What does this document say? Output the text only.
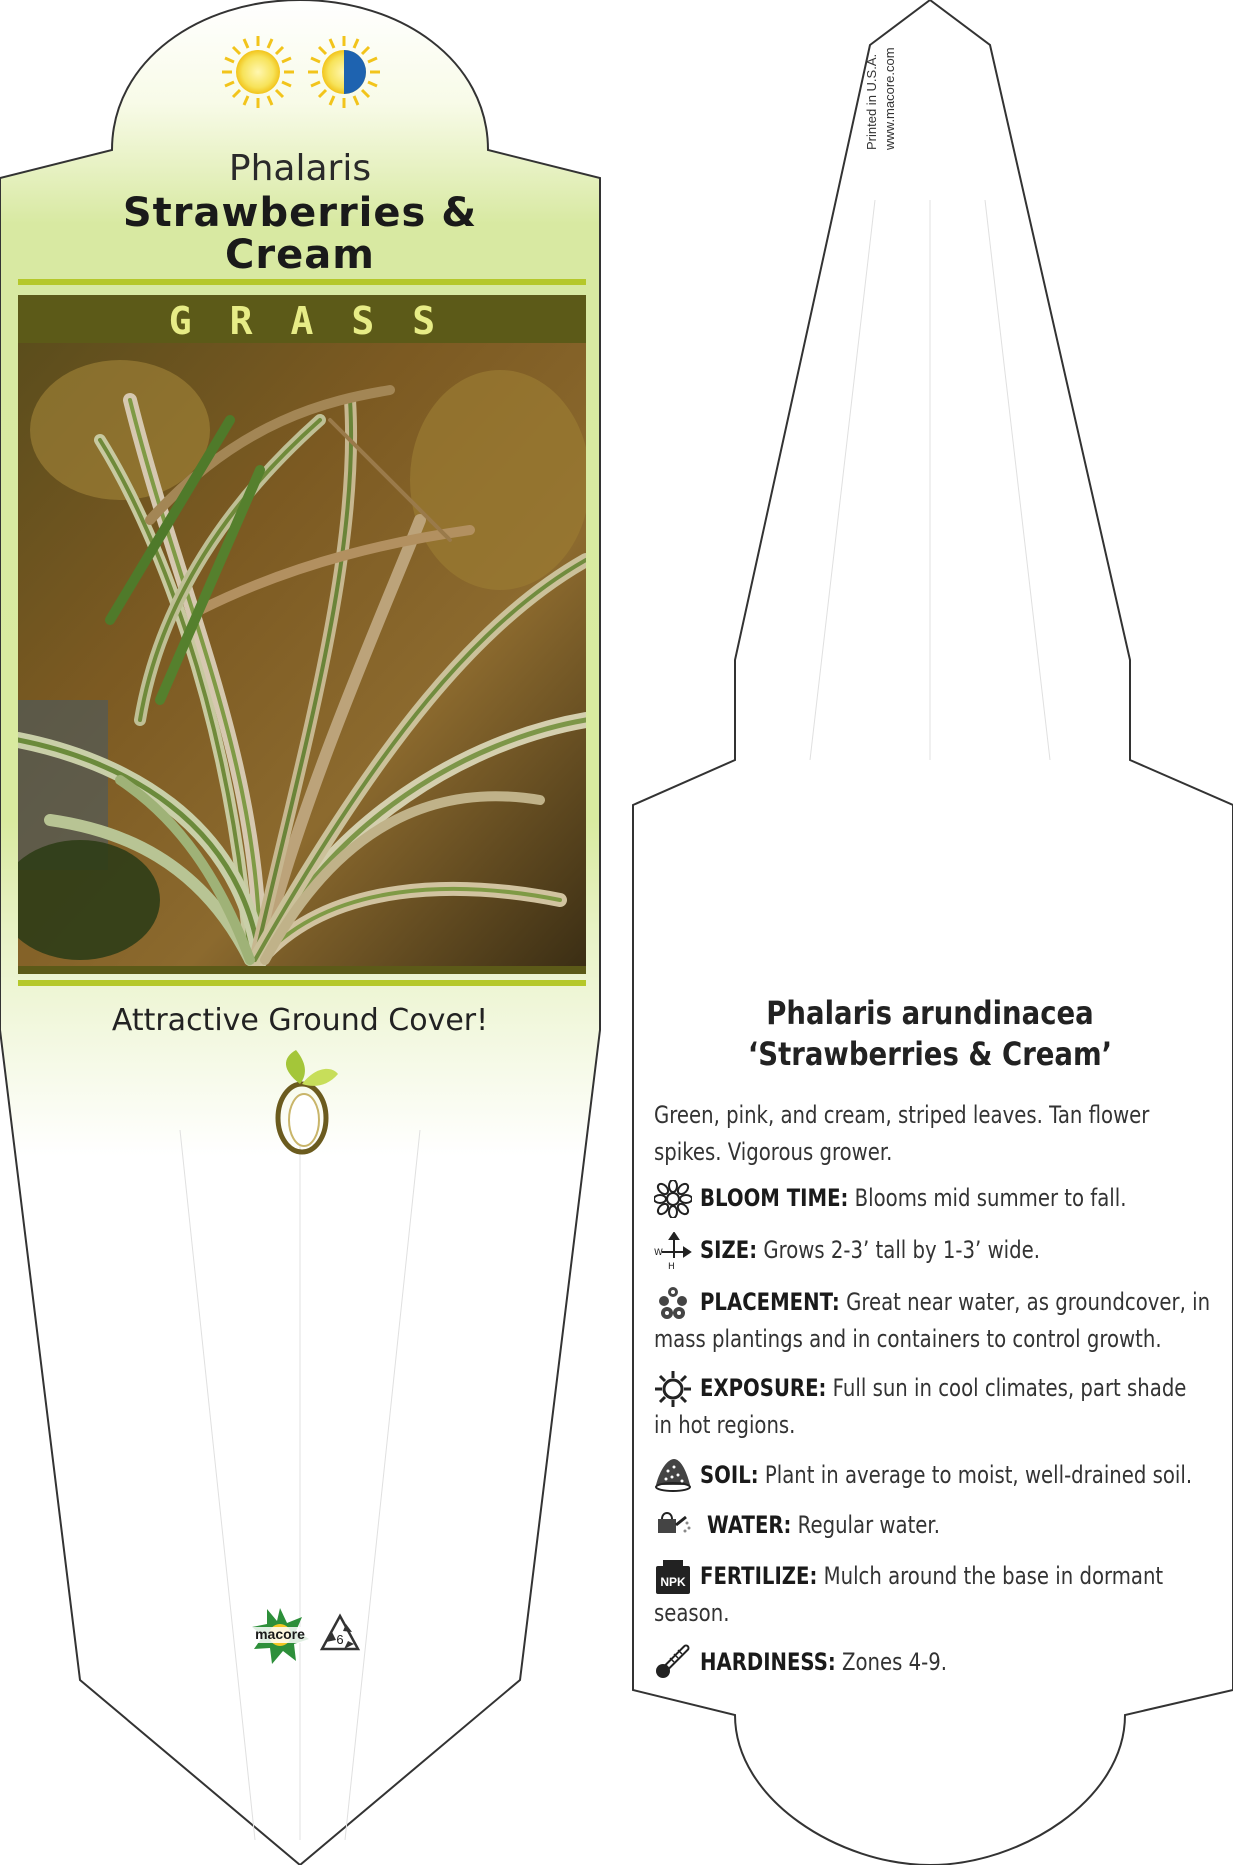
Phalaris
Strawberries &
Cream
GRASS
Attractive Ground Cover!
macore	6
Printed in U.S.A. www.macore.com
Phalaris arundinacea
‘Strawberries & Cream’
Green, pink, and cream, striped leaves. Tan flower
spikes. Vigorous grower.
W
H
NPK
BLOOM TIME: Blooms mid summer to fall.
SIZE: Grows 2-3’ tall by 1-3’ wide.
PLACEMENT: Great near water, as groundcover, in
mass plantings and in containers to control growth.
EXPOSURE: Full sun in cool climates, part shade
in hot regions.
SOIL: Plant in average to moist, well-drained soil.
WATER: Regular water.
FERTILIZE: Mulch around the base in dormant
season.
HARDINESS: Zones 4-9.
